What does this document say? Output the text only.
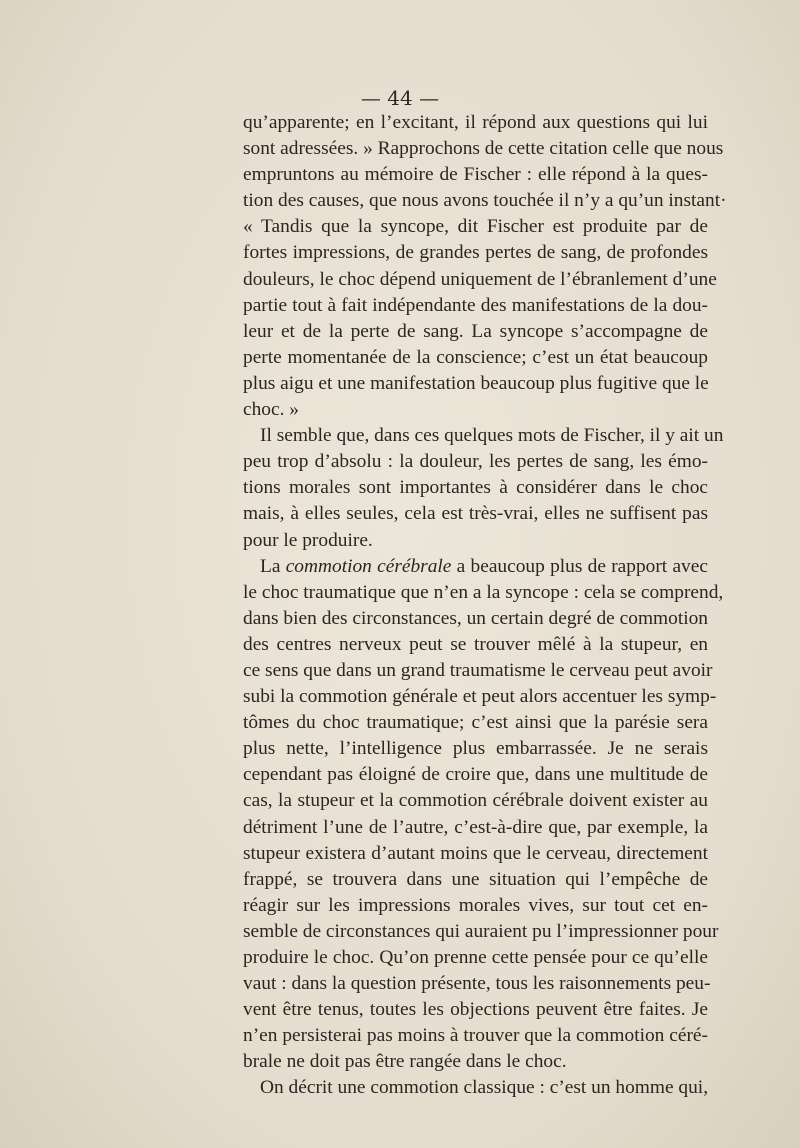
— 44 —
qu’apparente; en l’excitant, il répond aux questions qui lui
sont adressées. » Rapprochons de cette citation celle que nous
empruntons au mémoire de Fischer : elle répond à la ques-
tion des causes, que nous avons touchée il n’y a qu’un instant·
« Tandis que la syncope, dit Fischer est produite par de
fortes impressions, de grandes pertes de sang, de profondes
douleurs, le choc dépend uniquement de l’ébranlement d’une
partie tout à fait indépendante des manifestations de la dou-
leur et de la perte de sang. La syncope s’accompagne de
perte momentanée de la conscience; c’est un état beaucoup
plus aigu et une manifestation beaucoup plus fugitive que le
choc. »
Il semble que, dans ces quelques mots de Fischer, il y ait un
peu trop d’absolu : la douleur, les pertes de sang, les émo-
tions morales sont importantes à considérer dans le choc
mais, à elles seules, cela est très-vrai, elles ne suffisent pas
pour le produire.
La commotion cérébrale a beaucoup plus de rapport avec
le choc traumatique que n’en a la syncope : cela se comprend,
dans bien des circonstances, un certain degré de commotion
des centres nerveux peut se trouver mêlé à la stupeur, en
ce sens que dans un grand traumatisme le cerveau peut avoir
subi la commotion générale et peut alors accentuer les symp-
tômes du choc traumatique; c’est ainsi que la parésie sera
plus nette, l’intelligence plus embarrassée. Je ne serais
cependant pas éloigné de croire que, dans une multitude de
cas, la stupeur et la commotion cérébrale doivent exister au
détriment l’une de l’autre, c’est-à-dire que, par exemple, la
stupeur existera d’autant moins que le cerveau, directement
frappé, se trouvera dans une situation qui l’empêche de
réagir sur les impressions morales vives, sur tout cet en-
semble de circonstances qui auraient pu l’impressionner pour
produire le choc. Qu’on prenne cette pensée pour ce qu’elle
vaut : dans la question présente, tous les raisonnements peu-
vent être tenus, toutes les objections peuvent être faites. Je
n’en persisterai pas moins à trouver que la commotion céré-
brale ne doit pas être rangée dans le choc.
On décrit une commotion classique : c’est un homme qui,
